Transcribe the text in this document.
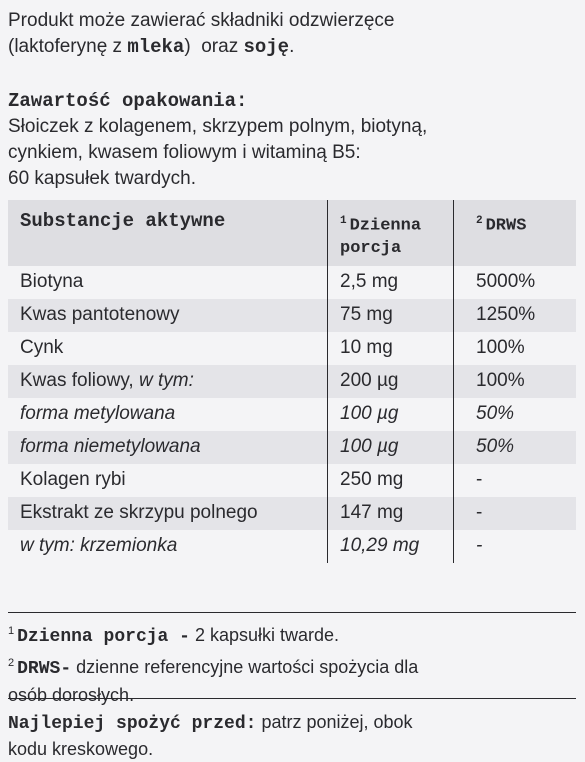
Produkt może zawierać składniki odzwierzęce
(laktoferynę z mleka)  oraz soję.
Zawartość opakowania:
Słoiczek z kolagenem, skrzypem polnym, biotyną,
cynkiem, kwasem foliowym i witaminą B5:
60 kapsułek twardych.
Substancje aktywne	$^1$ Dzienna porcja	$^2$ DRWS
Biotyna	2,5 mg	5000%
Kwas pantotenowy	75 mg	1250%
Cynk	10 mg	100%
Kwas foliowy, w tym:	200 µg	100%
forma metylowana	100 µg	50%
forma niemetylowana	100 µg	50%
Kolagen rybi	250 mg	-
Ekstrakt ze skrzypu polnego	147 mg	-
w tym: krzemionka	10,29 mg	-
$^1$ Dzienna porcja - 2 kapsułki twarde.
$^2$ DRWS- dzienne referencyjne wartości spożycia dla
osób dorosłych.
Najlepiej spożyć przed: patrz poniżej, obok
kodu kreskowego.
